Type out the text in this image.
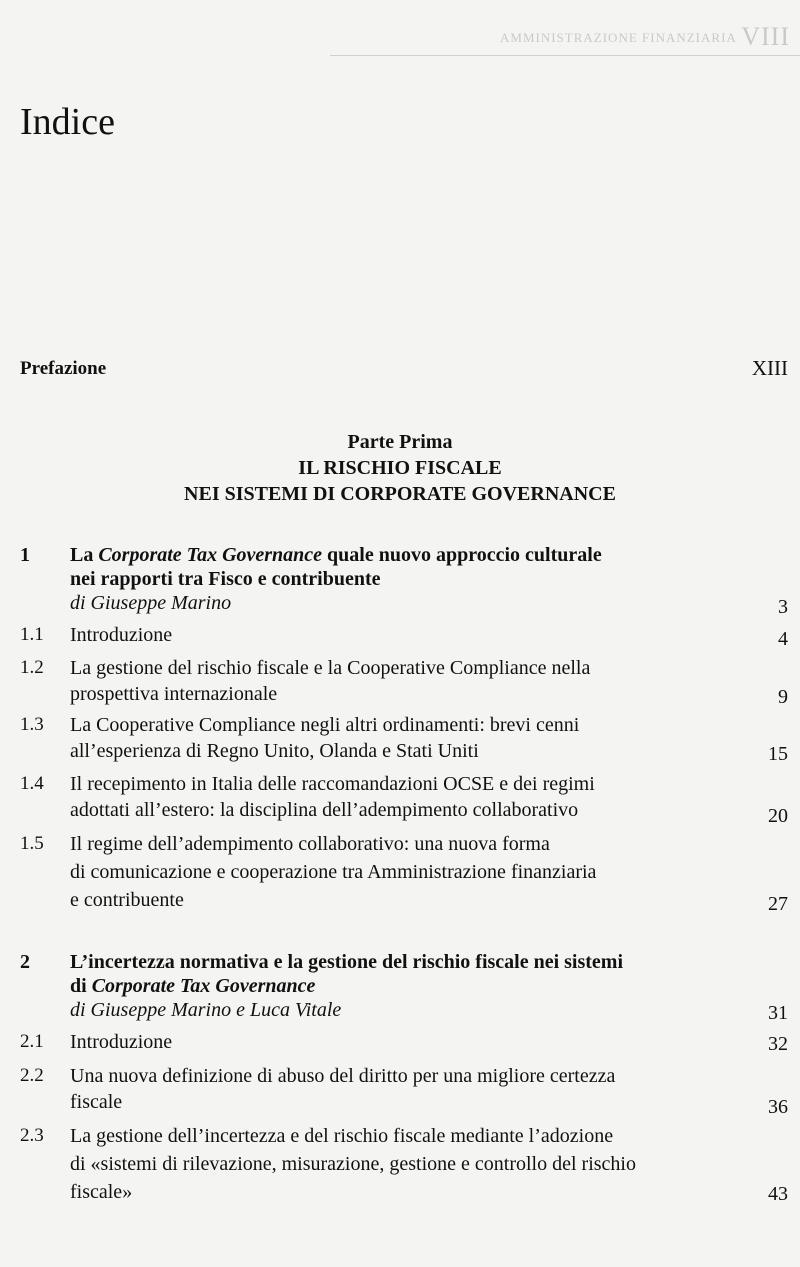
AMMINISTRAZIONE FINANZIARIA VIII
Indice
Prefazione	XIII
Parte Prima
IL RISCHIO FISCALE
NEI SISTEMI DI CORPORATE GOVERNANCE
1 La Corporate Tax Governance quale nuovo approccio culturale
nei rapporti tra Fisco e contribuente
di Giuseppe Marino	3
1.1 Introduzione	4
1.2 La gestione del rischio fiscale e la Cooperative Compliance nella
prospettiva internazionale	9
1.3 La Cooperative Compliance negli altri ordinamenti: brevi cenni
all’esperienza di Regno Unito, Olanda e Stati Uniti	15
1.4 Il recepimento in Italia delle raccomandazioni OCSE e dei regimi
adottati all’estero: la disciplina dell’adempimento collaborativo	20
1.5 Il regime dell’adempimento collaborativo: una nuova forma
di comunicazione e cooperazione tra Amministrazione finanziaria
e contribuente	27
2 L’incertezza normativa e la gestione del rischio fiscale nei sistemi
di Corporate Tax Governance
di Giuseppe Marino e Luca Vitale	31
2.1 Introduzione	32
2.2 Una nuova definizione di abuso del diritto per una migliore certezza
fiscale	36
2.3 La gestione dell’incertezza e del rischio fiscale mediante l’adozione
di «sistemi di rilevazione, misurazione, gestione e controllo del rischio
fiscale»	43
